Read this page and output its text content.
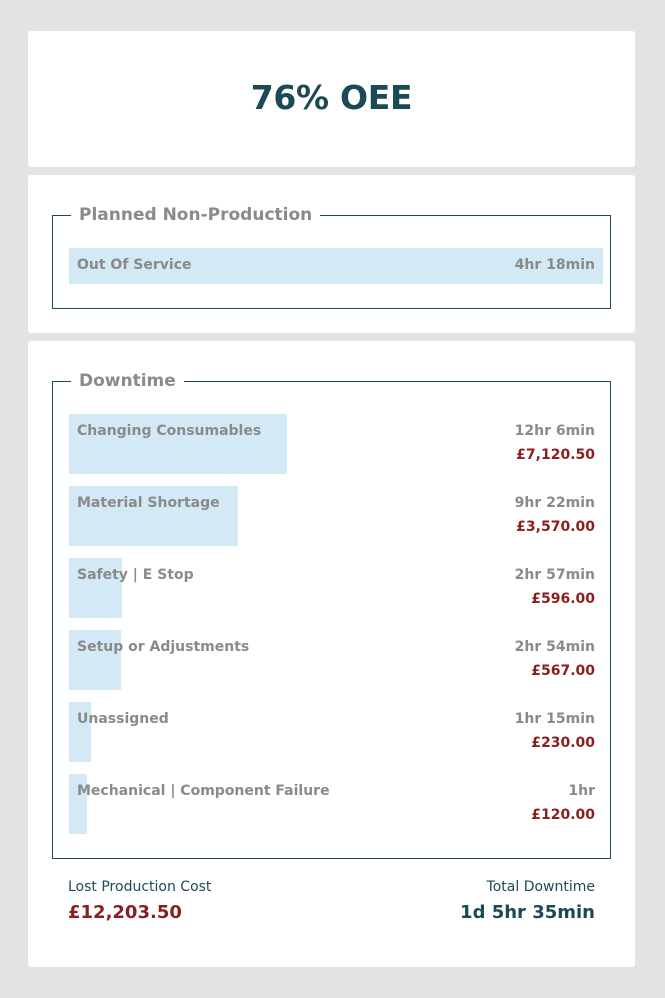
76% OEE
Planned Non-Production
Out Of Service	4hr 18min
Downtime
Changing Consumables	12hr 6min
£7,120.50
Material Shortage	9hr 22min
£3,570.00
Safety | E Stop	2hr 57min
£596.00
Setup or Adjustments	2hr 54min
£567.00
Unassigned	1hr 15min
£230.00
Mechanical | Component Failure	1hr
£120.00
Lost Production Cost
£12,203.50
Total Downtime
1d 5hr 35min
